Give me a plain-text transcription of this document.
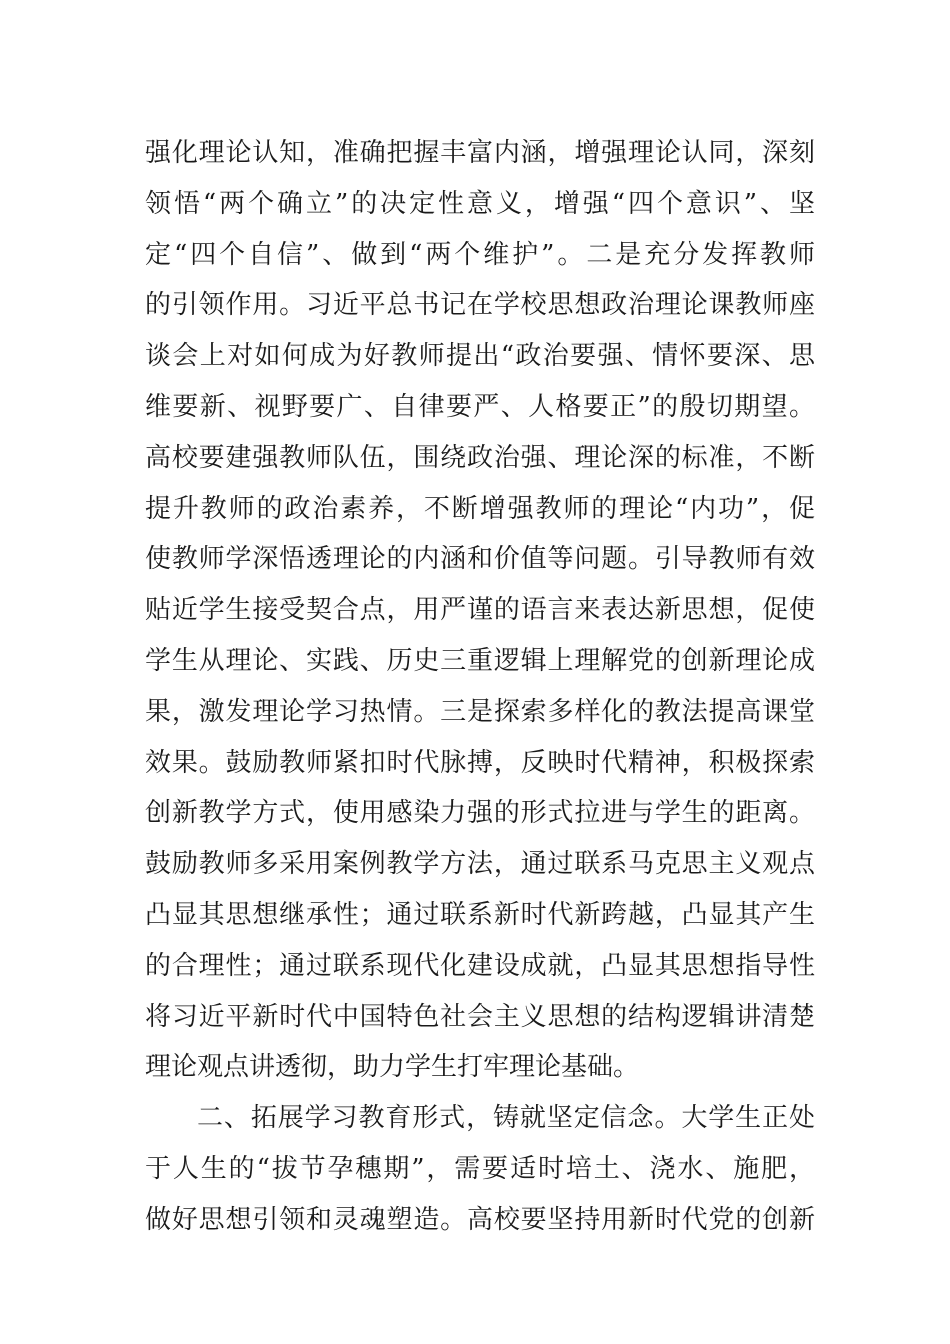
强化理论认知，准确把握丰富内涵，增强理论认同，深刻
领悟“两个确立”的决定性意义，增强“四个意识”、坚
定“四个自信”、做到“两个维护”。二是充分发挥教师
的引领作用。习近平总书记在学校思想政治理论课教师座
谈会上对如何成为好教师提出“政治要强、情怀要深、思
维要新、视野要广、自律要严、人格要正”的殷切期望。
高校要建强教师队伍，围绕政治强、理论深的标准，不断
提升教师的政治素养，不断增强教师的理论“内功”，促
使教师学深悟透理论的内涵和价值等问题。引导教师有效
贴近学生接受契合点，用严谨的语言来表达新思想，促使
学生从理论、实践、历史三重逻辑上理解党的创新理论成
果，激发理论学习热情。三是探索多样化的教法提高课堂
效果。鼓励教师紧扣时代脉搏，反映时代精神，积极探索
创新教学方式，使用感染力强的形式拉进与学生的距离。
鼓励教师多采用案例教学方法，通过联系马克思主义观点
凸显其思想继承性；通过联系新时代新跨越，凸显其产生
的合理性；通过联系现代化建设成就，凸显其思想指导性
将习近平新时代中国特色社会主义思想的结构逻辑讲清楚
理论观点讲透彻，助力学生打牢理论基础。
二、拓展学习教育形式，铸就坚定信念。大学生正处
于人生的“拔节孕穗期”，需要适时培土、浇水、施肥，
做好思想引领和灵魂塑造。高校要坚持用新时代党的创新
